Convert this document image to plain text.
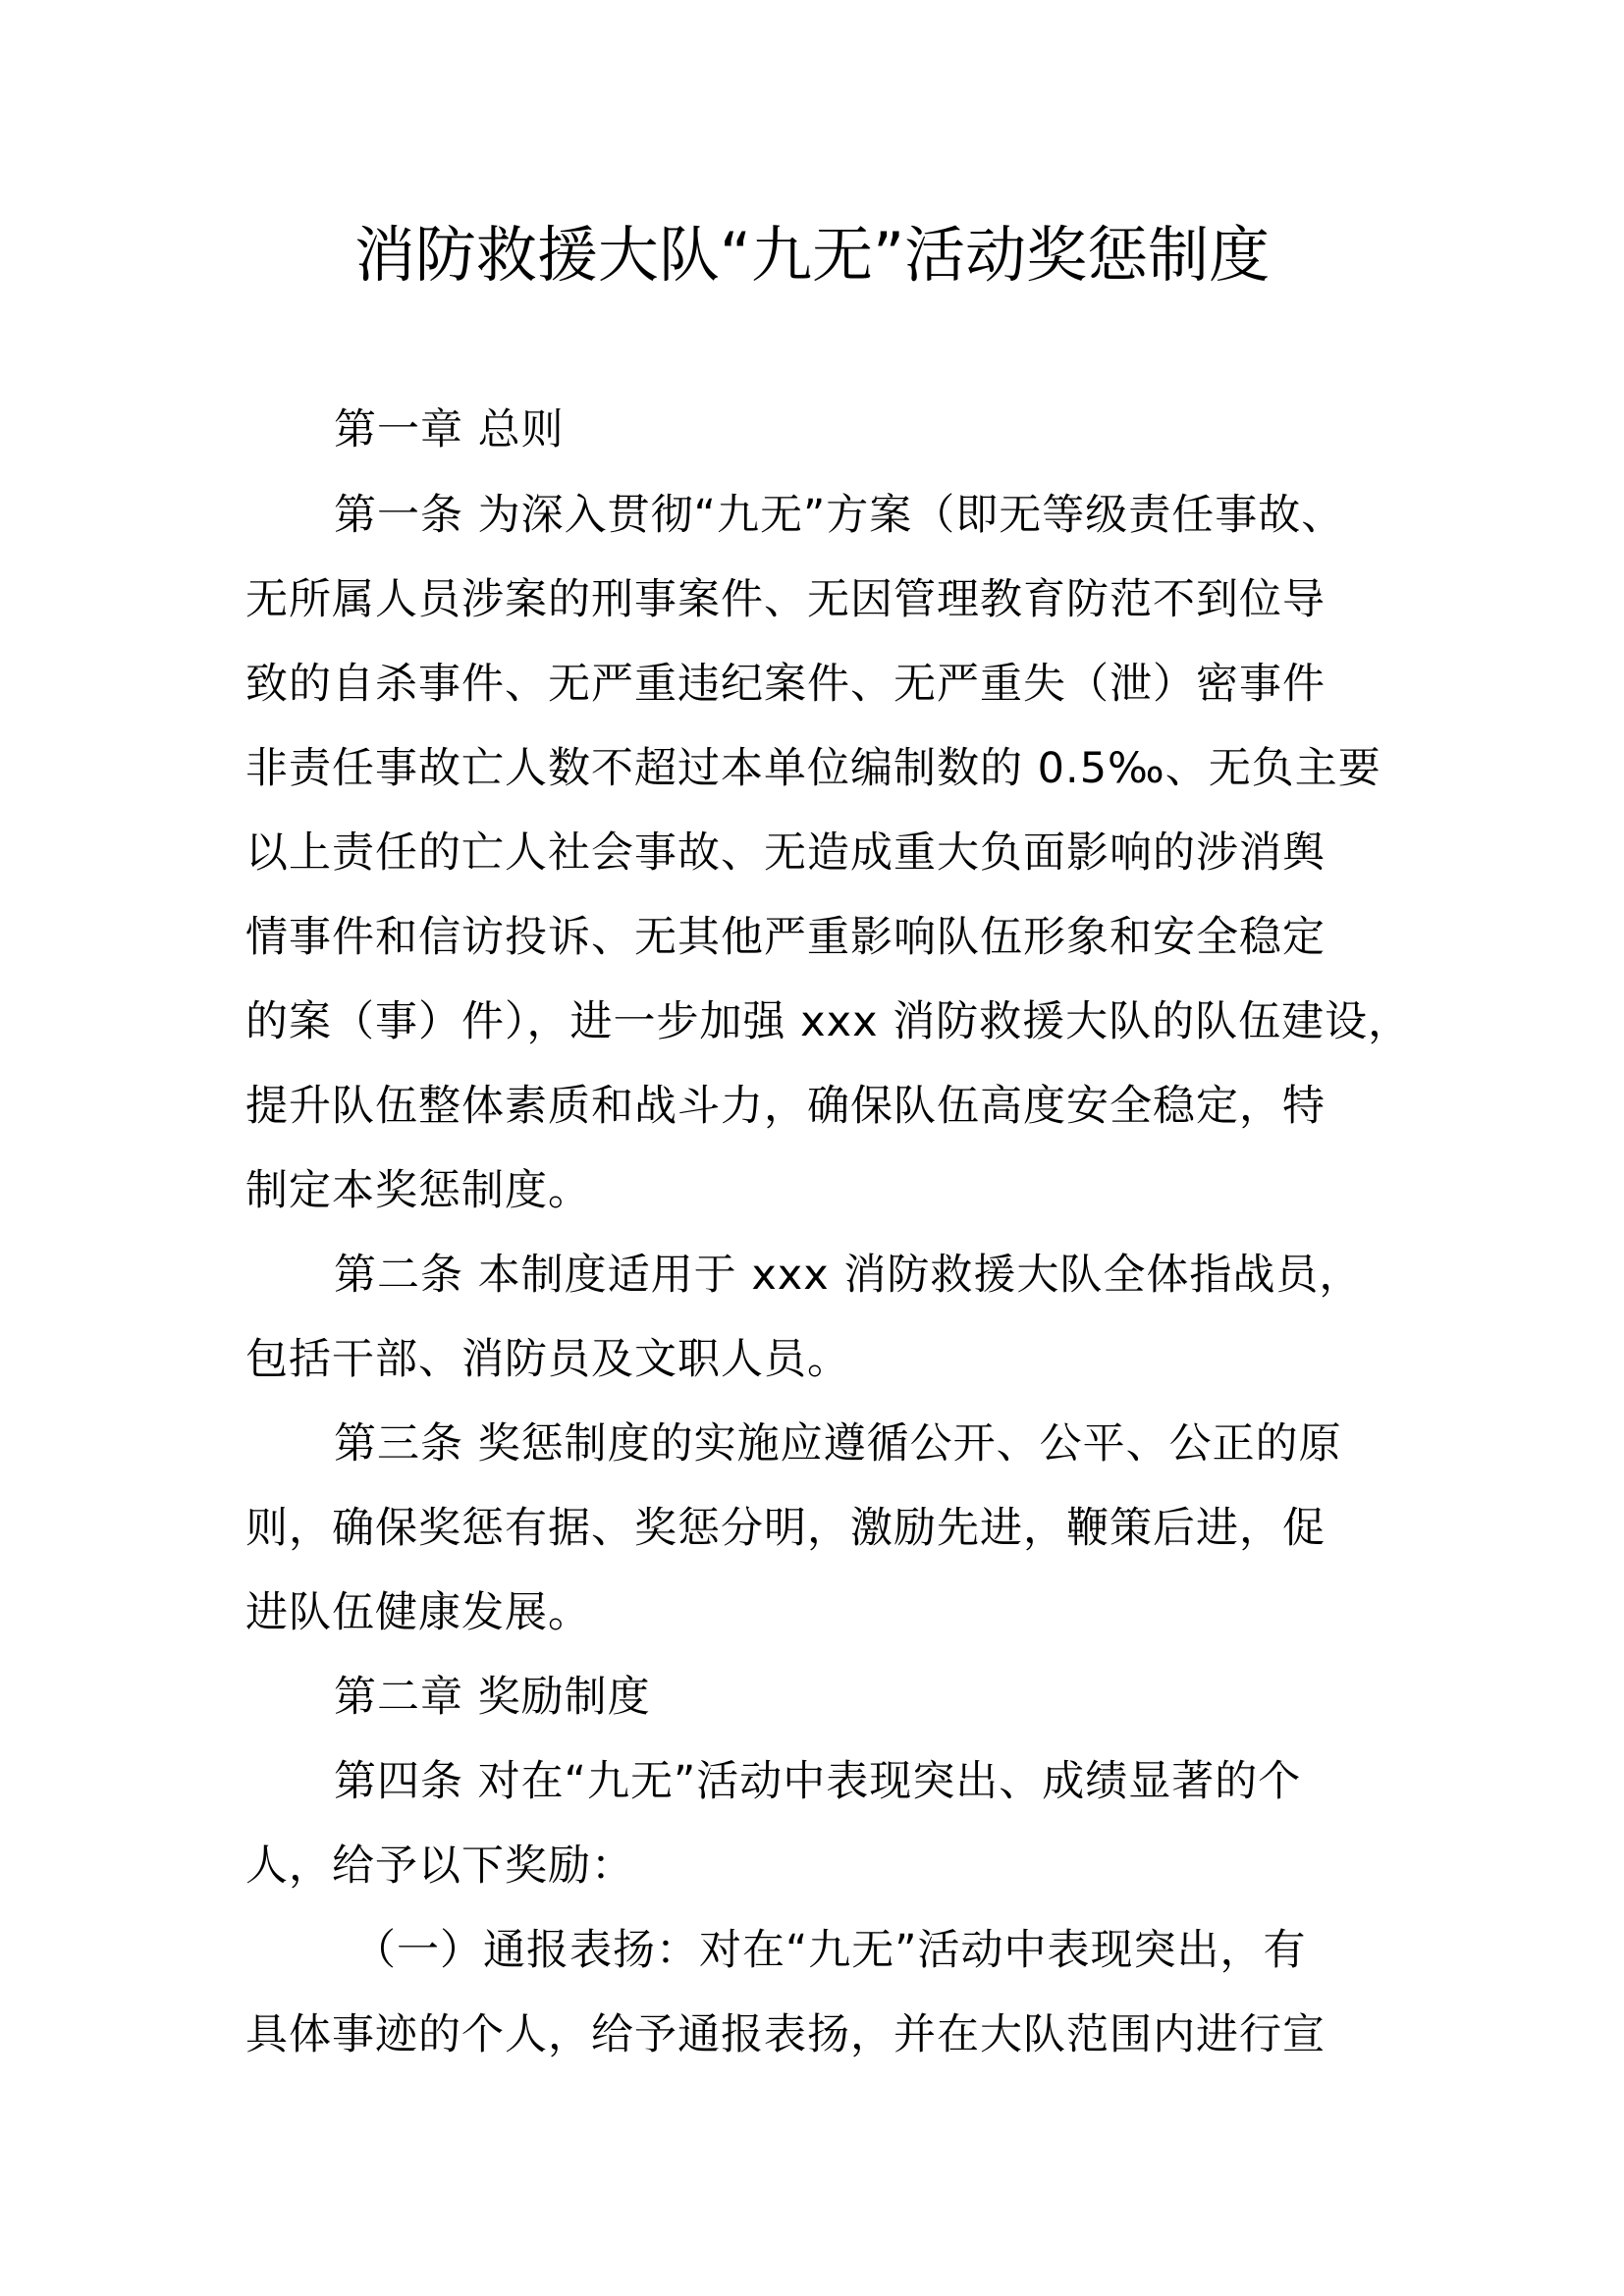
消防救援大队“九无”活动奖惩制度
第一章 总则
第一条 为深入贯彻“九无”方案（即无等级责任事故、
无所属人员涉案的刑事案件、无因管理教育防范不到位导
致的自杀事件、无严重违纪案件、无严重失（泄）密事件
非责任事故亡人数不超过本单位编制数的 0.5‰、无负主要
以上责任的亡人社会事故、无造成重大负面影响的涉消舆
情事件和信访投诉、无其他严重影响队伍形象和安全稳定
的案（事）件），进一步加强 xxx 消防救援大队的队伍建设，
提升队伍整体素质和战斗力，确保队伍高度安全稳定，特
制定本奖惩制度。
第二条 本制度适用于 xxx 消防救援大队全体指战员，
包括干部、消防员及文职人员。
第三条 奖惩制度的实施应遵循公开、公平、公正的原
则，确保奖惩有据、奖惩分明，激励先进，鞭策后进，促
进队伍健康发展。
第二章 奖励制度
第四条 对在“九无”活动中表现突出、成绩显著的个
人，给予以下奖励：
（一）通报表扬：对在“九无”活动中表现突出，有
具体事迹的个人，给予通报表扬，并在大队范围内进行宣
